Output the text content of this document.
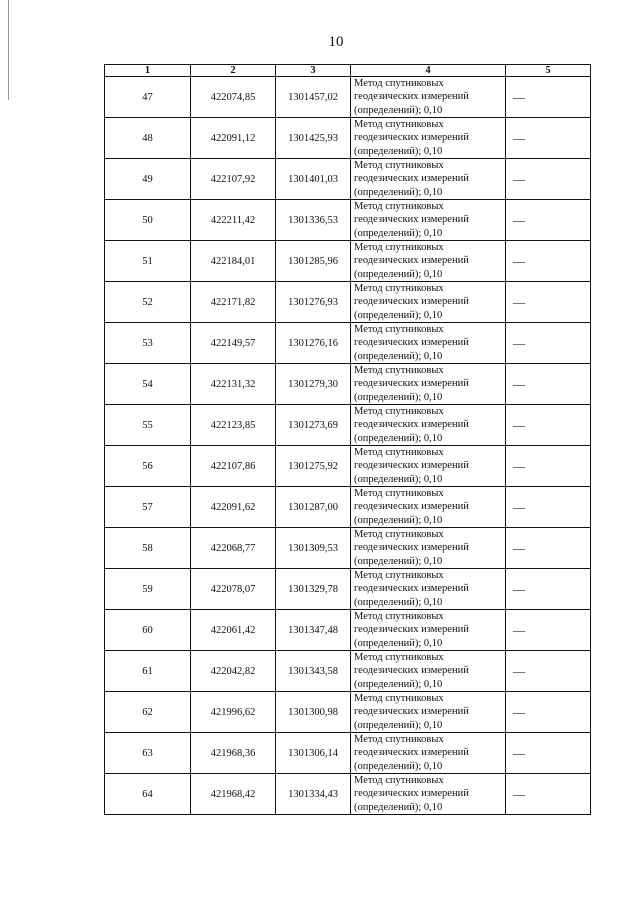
10
1	2	3	4	5
47	422074,85	1301457,02	Метод спутниковых
геодезических измерений
(определений); 0,10	—
48	422091,12	1301425,93	Метод спутниковых
геодезических измерений
(определений); 0,10	—
49	422107,92	1301401,03	Метод спутниковых
геодезических измерений
(определений); 0,10	—
50	422211,42	1301336,53	Метод спутниковых
геодезических измерений
(определений); 0,10	—
51	422184,01	1301285,96	Метод спутниковых
геодезических измерений
(определений); 0,10	—
52	422171,82	1301276,93	Метод спутниковых
геодезических измерений
(определений); 0,10	—
53	422149,57	1301276,16	Метод спутниковых
геодезических измерений
(определений); 0,10	—
54	422131,32	1301279,30	Метод спутниковых
геодезических измерений
(определений); 0,10	—
55	422123,85	1301273,69	Метод спутниковых
геодезических измерений
(определений); 0,10	—
56	422107,86	1301275,92	Метод спутниковых
геодезических измерений
(определений); 0,10	—
57	422091,62	1301287,00	Метод спутниковых
геодезических измерений
(определений); 0,10	—
58	422068,77	1301309,53	Метод спутниковых
геодезических измерений
(определений); 0,10	—
59	422078,07	1301329,78	Метод спутниковых
геодезических измерений
(определений); 0,10	—
60	422061,42	1301347,48	Метод спутниковых
геодезических измерений
(определений); 0,10	—
61	422042,82	1301343,58	Метод спутниковых
геодезических измерений
(определений); 0,10	—
62	421996,62	1301300,98	Метод спутниковых
геодезических измерений
(определений); 0,10	—
63	421968,36	1301306,14	Метод спутниковых
геодезических измерений
(определений); 0,10	—
64	421968,42	1301334,43	Метод спутниковых
геодезических измерений
(определений); 0,10	—
